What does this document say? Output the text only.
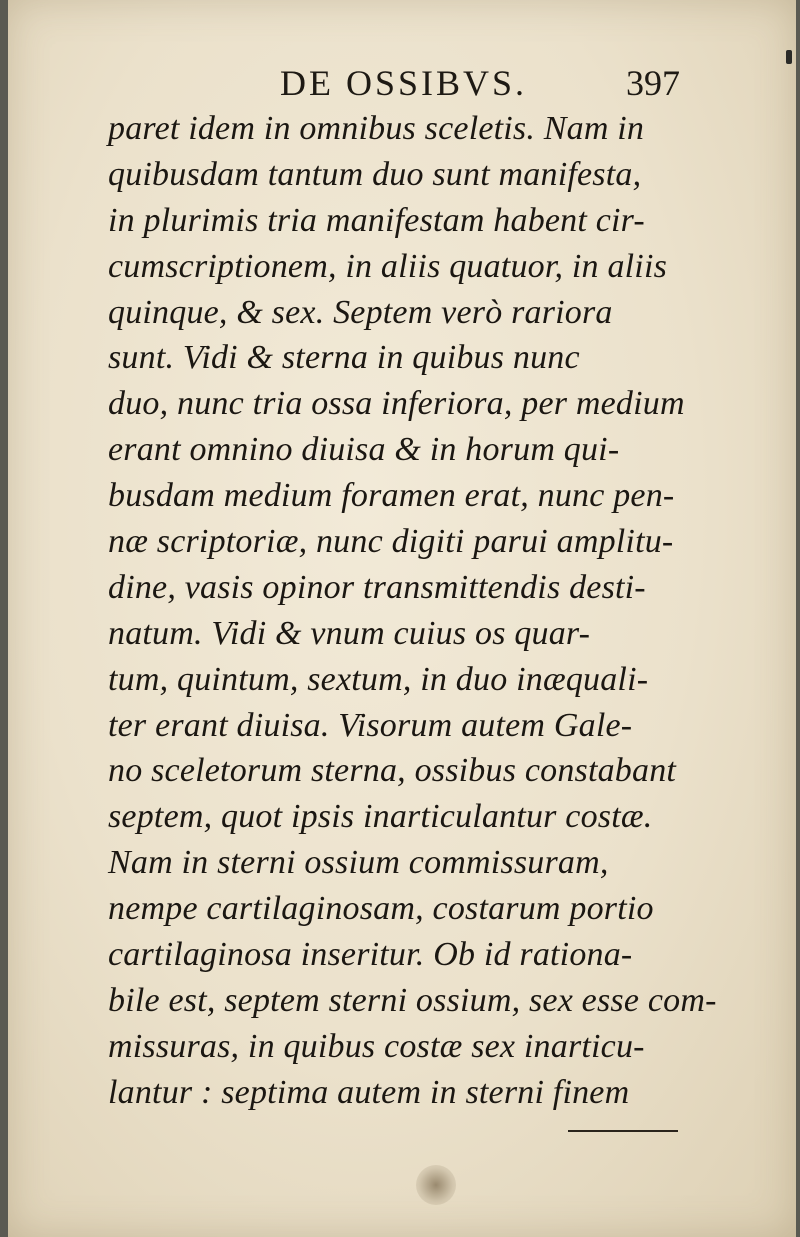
DE OSSIBVS.	397
paret idem in omnibus sceletis. Nam in
quibusdam tantum duo sunt manifesta,
in plurimis tria manifestam habent cir-
cumscriptionem, in aliis quatuor, in aliis
quinque, & sex. Septem verò rariora
sunt. Vidi & sterna in quibus nunc
duo, nunc tria ossa inferiora, per medium
erant omnino diuisa & in horum qui-
busdam medium foramen erat, nunc pen-
næ scriptoriæ, nunc digiti parui amplitu-
dine, vasis opinor transmittendis desti-
natum. Vidi & vnum cuius os quar-
tum, quintum, sextum, in duo inæquali-
ter erant diuisa. Visorum autem Gale-
no sceletorum sterna, ossibus constabant
septem, quot ipsis inarticulantur costæ.
Nam in sterni ossium commissuram,
nempe cartilaginosam, costarum portio
cartilaginosa inseritur. Ob id rationa-
bile est, septem sterni ossium, sex esse com-
missuras, in quibus costæ sex inarticu-
lantur : septima autem in sterni finem
